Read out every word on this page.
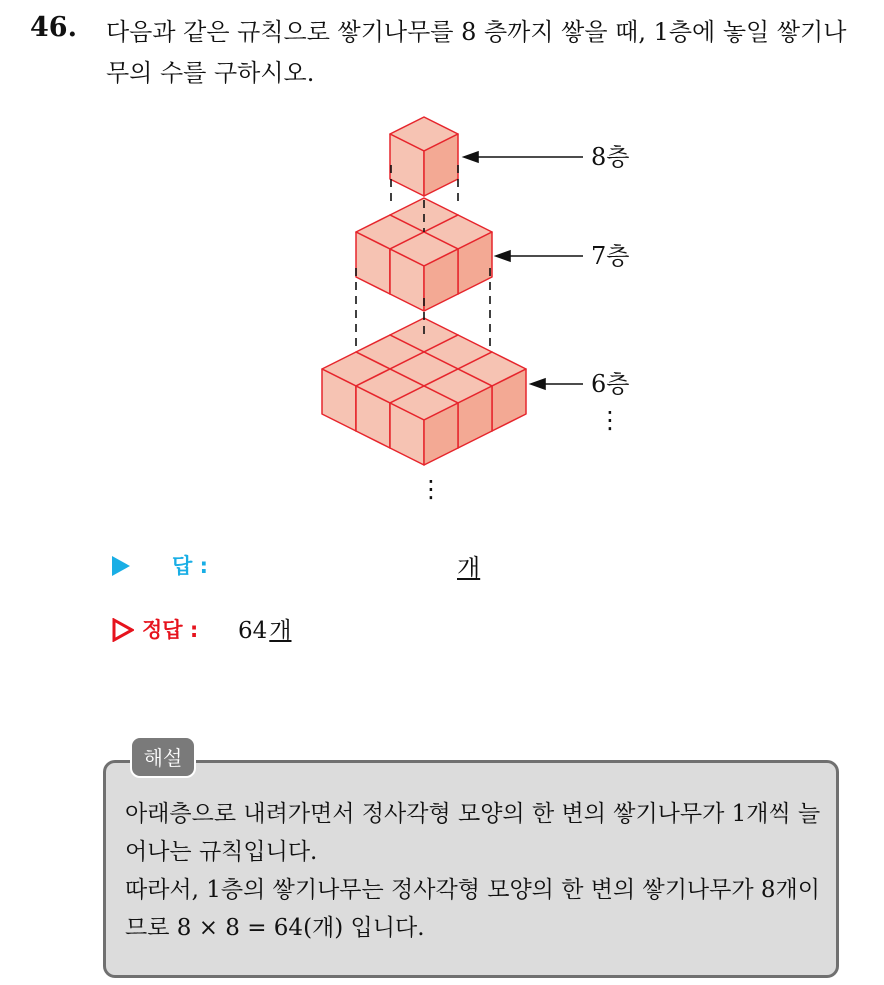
46. 다음과 같은 규칙으로 쌓기나무를 8 층까지 쌓을 때, 1층에 놓일 쌓기나무의 수를 구하시오.
8층
7층
6층
⋮
⋮
답 :	개
정답 : 64개
해설

아래층으로 내려가면서 정사각형 모양의 한 변의 쌓기나무가 1개씩 늘어나는 규칙입니다.

따라서, 1층의 쌓기나무는 정사각형 모양의 한 변의 쌓기나무가 8개이므로 8 × 8 = 64(개) 입니다.
